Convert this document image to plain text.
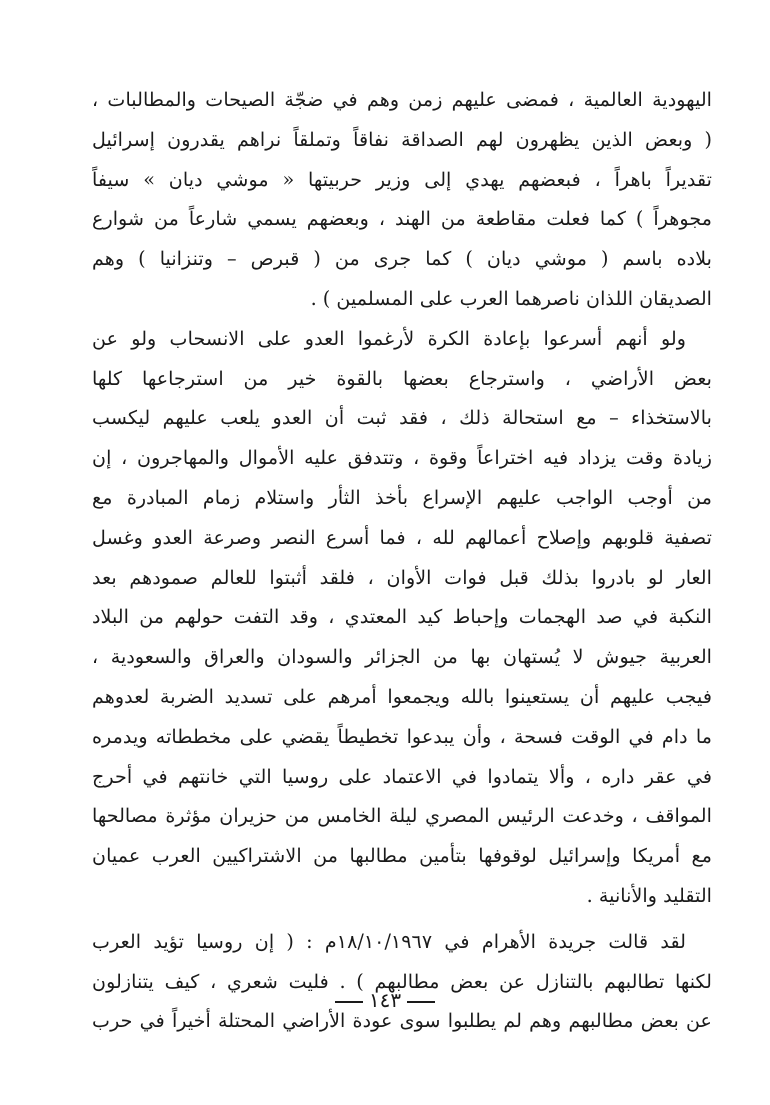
اليهودية العالمية ، فمضى عليهم زمن وهم في ضجّة الصيحات والمطالبات ،
( وبعض الذين يظهرون لهم الصداقة نفاقاً وتملقاً نراهم يقدرون إسرائيل
تقديراً باهراً ، فبعضهم يهدي إلى وزير حربيتها « موشي ديان » سيفاً
مجوهراً ) كما فعلت مقاطعة من الهند ، وبعضهم يسمي شارعاً من شوارع
بلاده باسم ( موشي ديان ) كما جرى من ( قبرص – وتنزانيا ) وهم
الصديقان اللذان ناصرهما العرب على المسلمين ) .
ولو أنهم أسرعوا بإعادة الكرة لأرغموا العدو على الانسحاب ولو عن
بعض الأراضي ، واسترجاع بعضها بالقوة خير من استرجاعها كلها
بالاستخذاء – مع استحالة ذلك ، فقد ثبت أن العدو يلعب عليهم ليكسب
زيادة وقت يزداد فيه اختراعاً وقوة ، وتتدفق عليه الأموال والمهاجرون ، إن
من أوجب الواجب عليهم الإسراع بأخذ الثأر واستلام زمام المبادرة مع
تصفية قلوبهم وإصلاح أعمالهم لله ، فما أسرع النصر وصرعة العدو وغسل
العار لو بادروا بذلك قبل فوات الأوان ، فلقد أثبتوا للعالم صمودهم بعد
النكبة في صد الهجمات وإحباط كيد المعتدي ، وقد التفت حولهم من البلاد
العربية جيوش لا يُستهان بها من الجزائر والسودان والعراق والسعودية ،
فيجب عليهم أن يستعينوا بالله ويجمعوا أمرهم على تسديد الضربة لعدوهم
ما دام في الوقت فسحة ، وأن يبدعوا تخطيطاً يقضي على مخططاته ويدمره
في عقر داره ، وألا يتمادوا في الاعتماد على روسيا التي خانتهم في أحرج
المواقف ، وخدعت الرئيس المصري ليلة الخامس من حزيران مؤثرة مصالحها
مع أمريكا وإسرائيل لوقوفها بتأمين مطالبها من الاشتراكيين العرب عميان
التقليد والأنانية .
لقد قالت جريدة الأهرام في ١٨/١٠/١٩٦٧م : ( إن روسيا تؤيد العرب
لكنها تطالبهم بالتنازل عن بعض مطالبهم ) . فليت شعري ، كيف يتنازلون
عن بعض مطالبهم وهم لم يطلبوا سوى عودة الأراضي المحتلة أخيراً في حرب
١٤٣
